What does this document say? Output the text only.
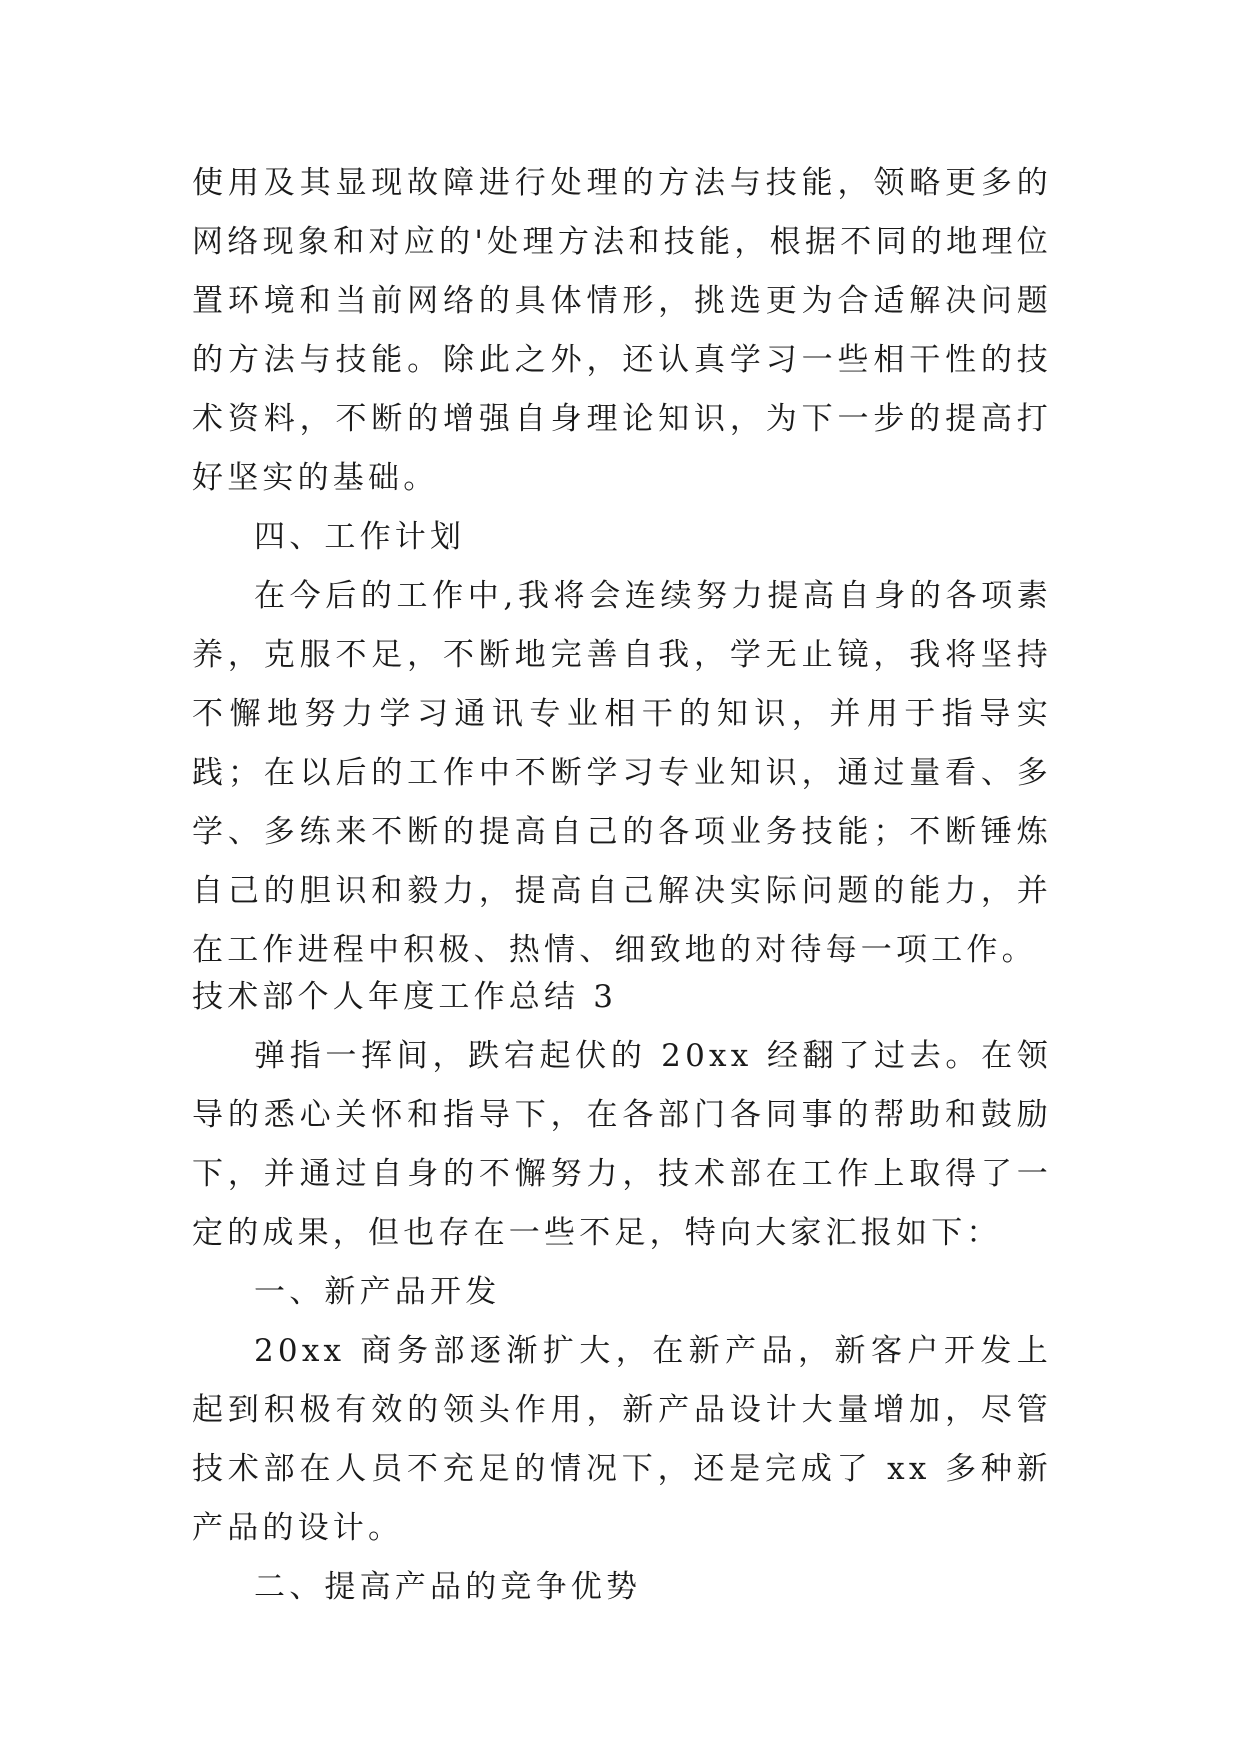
使用及其显现故障进行处理的方法与技能，领略更多的网络现象和对应的'处理方法和技能，根据不同的地理位置环境和当前网络的具体情形，挑选更为合适解决问题的方法与技能。除此之外，还认真学习一些相干性的技术资料，不断的增强自身理论知识，为下一步的提高打好坚实的基础。

四、工作计划

在今后的工作中,我将会连续努力提高自身的各项素养，克服不足，不断地完善自我，学无止镜，我将坚持不懈地努力学习通讯专业相干的知识，并用于指导实践；在以后的工作中不断学习专业知识，通过量看、多学、多练来不断的提高自己的各项业务技能；不断锤炼自己的胆识和毅力，提高自己解决实际问题的能力，并在工作进程中积极、热情、细致地的对待每一项工作。

技术部个人年度工作总结 3

弹指一挥间，跌宕起伏的 20xx 经翻了过去。在领导的悉心关怀和指导下，在各部门各同事的帮助和鼓励下，并通过自身的不懈努力，技术部在工作上取得了一定的成果，但也存在一些不足，特向大家汇报如下：

一、新产品开发

20xx 商务部逐渐扩大，在新产品，新客户开发上起到积极有效的领头作用，新产品设计大量增加，尽管技术部在人员不充足的情况下，还是完成了 xx 多种新产品的设计。

二、提高产品的竞争优势
